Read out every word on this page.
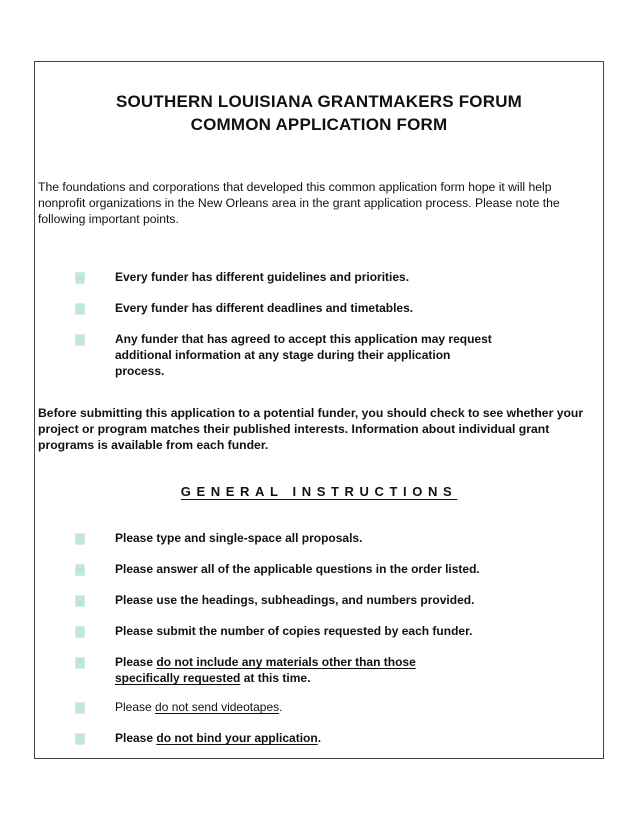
SOUTHERN LOUISIANA GRANTMAKERS FORUM
COMMON APPLICATION FORM
The foundations and corporations that developed this common application form hope it will help nonprofit organizations in the New Orleans area in the grant application process. Please note the following important points.
Every funder has different guidelines and priorities.
Every funder has different deadlines and timetables.
Any funder that has agreed to accept this application may request additional information at any stage during their application process.
Before submitting this application to a potential funder, you should check to see whether your project or program matches their published interests. Information about individual grant programs is available from each funder.
GENERAL INSTRUCTIONS
Please type and single-space all proposals.
Please answer all of the applicable questions in the order listed.
Please use the headings, subheadings, and numbers provided.
Please submit the number of copies requested by each funder.
Please do not include any materials other than those specifically requested at this time.
Please do not send videotapes.
Please do not bind your application.
